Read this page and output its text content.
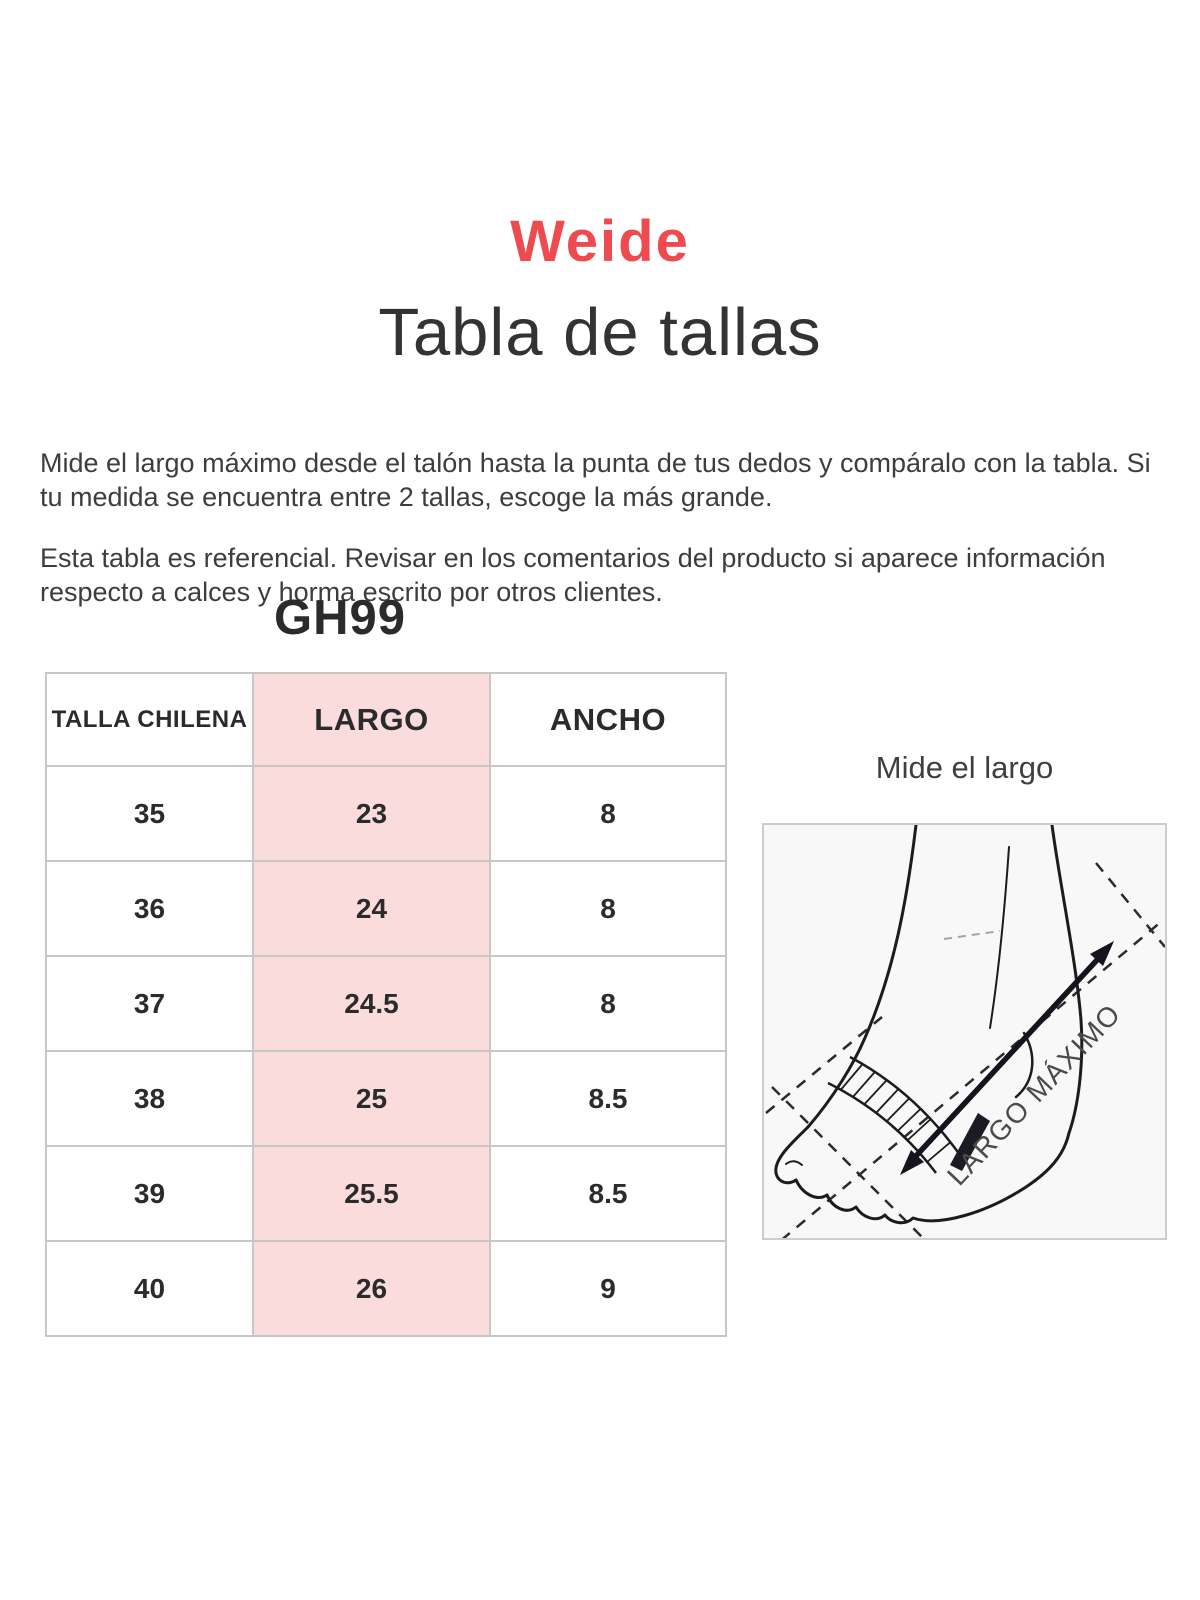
Weide
Tabla de tallas

Mide el largo máximo desde el talón hasta la punta de tus dedos y compáralo con la tabla. Si tu medida se encuentra entre 2 tallas, escoge la más grande.

Esta tabla es referencial. Revisar en los comentarios del producto si aparece información respecto a calces y horma escrito por otros clientes.

GH99
TALLA CHILENA	LARGO	ANCHO
35	23	8
36	24	8
37	24.5	8
38	25	8.5
39	25.5	8.5
40	26	9
Mide el largo
LARGO MÁXIMO
